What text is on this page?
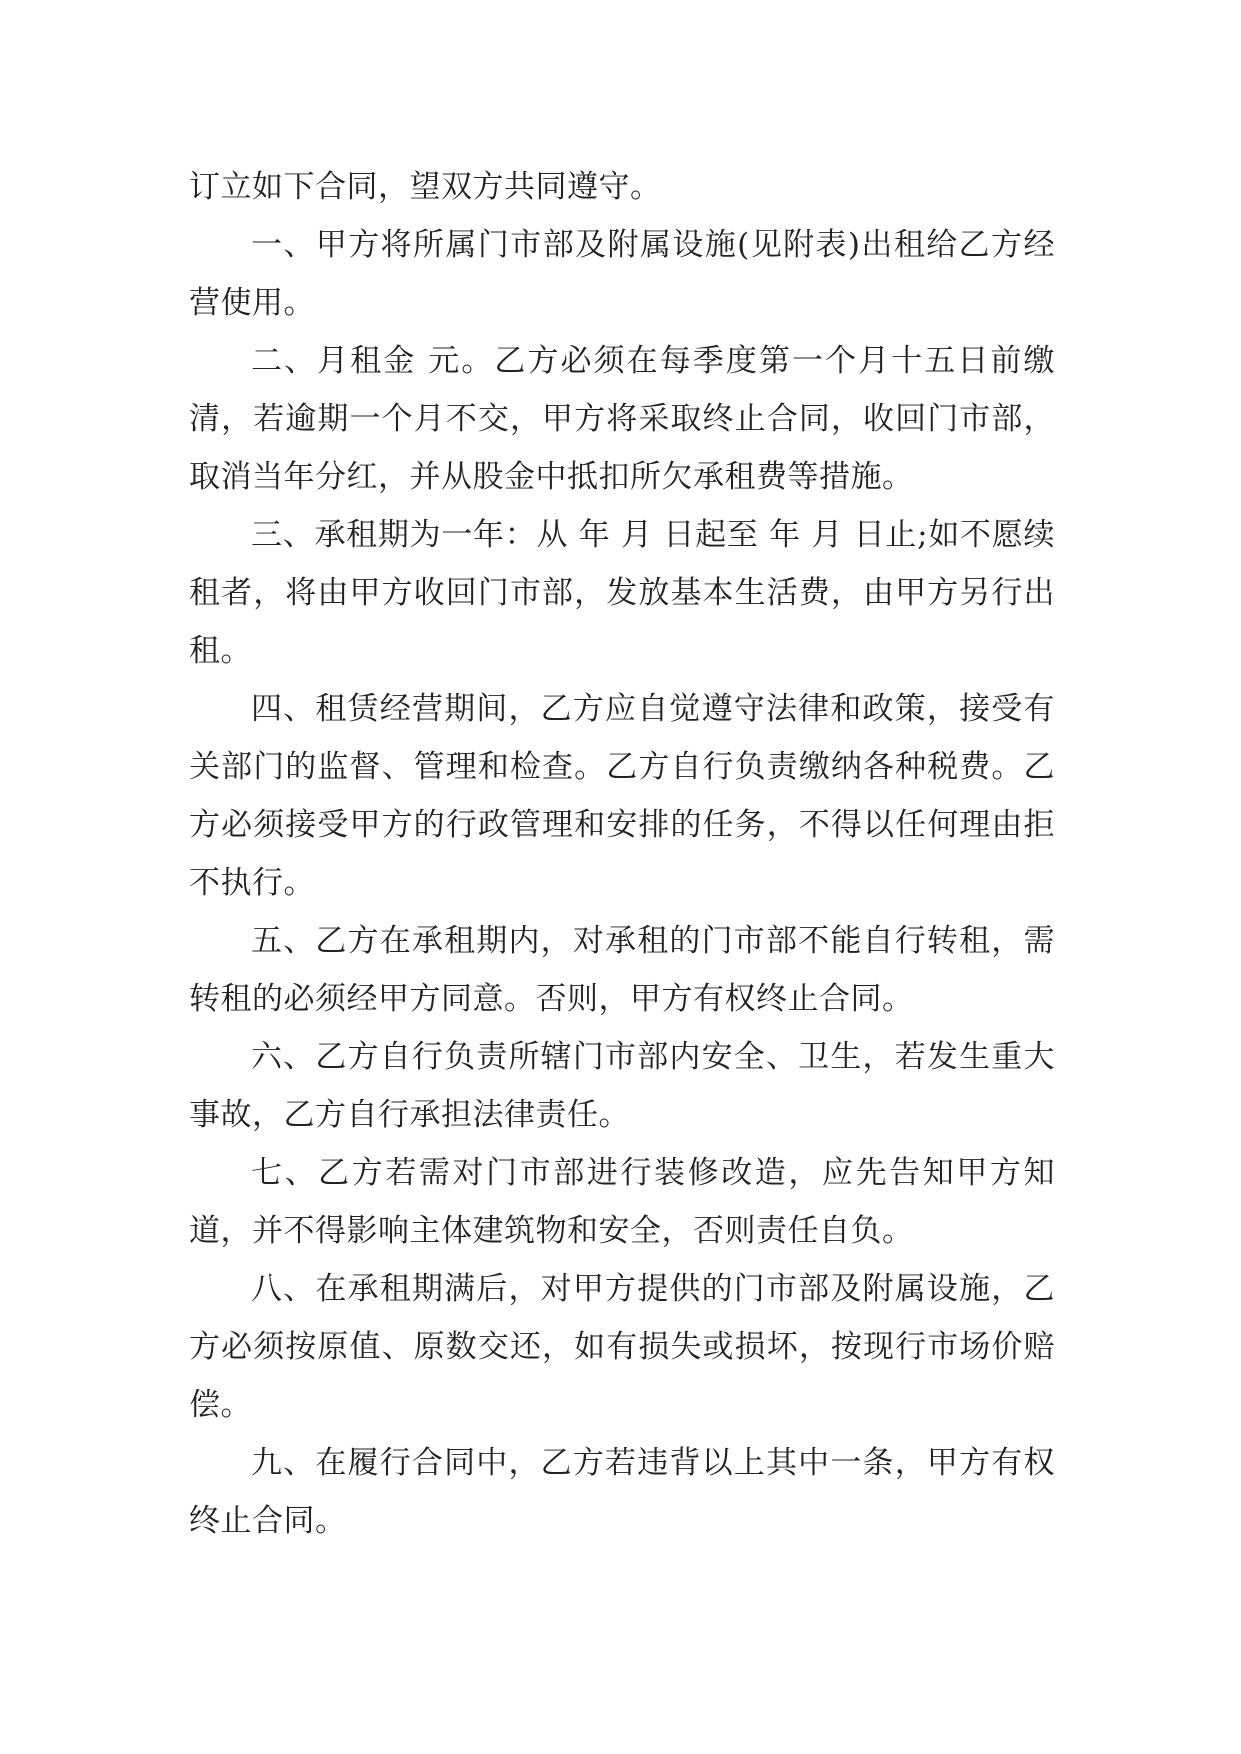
订立如下合同，望双方共同遵守。

一、甲方将所属门市部及附属设施(见附表)出租给乙方经营使用。

二、月租金 元。乙方必须在每季度第一个月十五日前缴清，若逾期一个月不交，甲方将采取终止合同，收回门市部，取消当年分红，并从股金中抵扣所欠承租费等措施。

三、承租期为一年：从 年 月 日起至 年 月 日止;如不愿续租者，将由甲方收回门市部，发放基本生活费，由甲方另行出租。

四、租赁经营期间，乙方应自觉遵守法律和政策，接受有关部门的监督、管理和检查。乙方自行负责缴纳各种税费。乙方必须接受甲方的行政管理和安排的任务，不得以任何理由拒不执行。

五、乙方在承租期内，对承租的门市部不能自行转租，需转租的必须经甲方同意。否则，甲方有权终止合同。

六、乙方自行负责所辖门市部内安全、卫生，若发生重大事故，乙方自行承担法律责任。

七、乙方若需对门市部进行装修改造，应先告知甲方知道，并不得影响主体建筑物和安全，否则责任自负。

八、在承租期满后，对甲方提供的门市部及附属设施，乙方必须按原值、原数交还，如有损失或损坏，按现行市场价赔偿。

九、在履行合同中，乙方若违背以上其中一条，甲方有权终止合同。
